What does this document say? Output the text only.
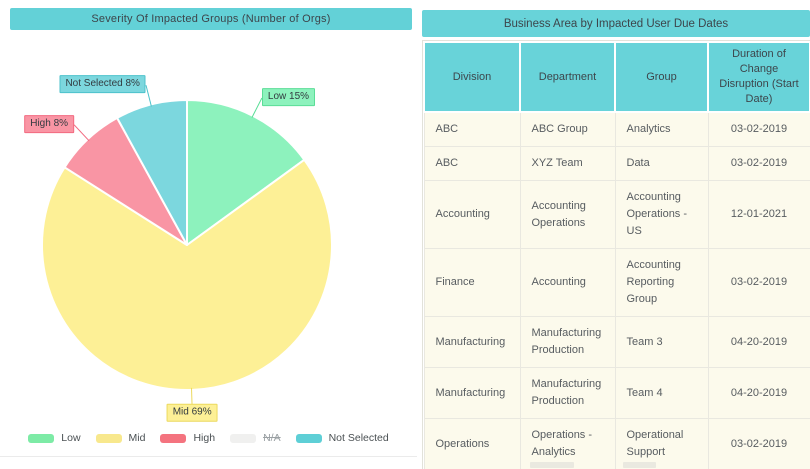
Severity Of Impacted Groups (Number of Orgs)
Low 15%
Mid 69%
High 8%
Not Selected 8%
Low	Mid	High	N/A	Not Selected
Business Area by Impacted User Due Dates
Division	Department	Group	Duration of Change Disruption (Start Date)
ABC	ABC Group	Analytics	03-02-2019
ABC	XYZ Team	Data	03-02-2019
Accounting	Accounting Operations	Accounting Operations - US	12-01-2021
Finance	Accounting	Accounting Reporting Group	03-02-2019
Manufacturing	Manufacturing Production	Team 3	04-20-2019
Manufacturing	Manufacturing Production	Team 4	04-20-2019
Operations	Operations - Analytics	Operational Support	03-02-2019
